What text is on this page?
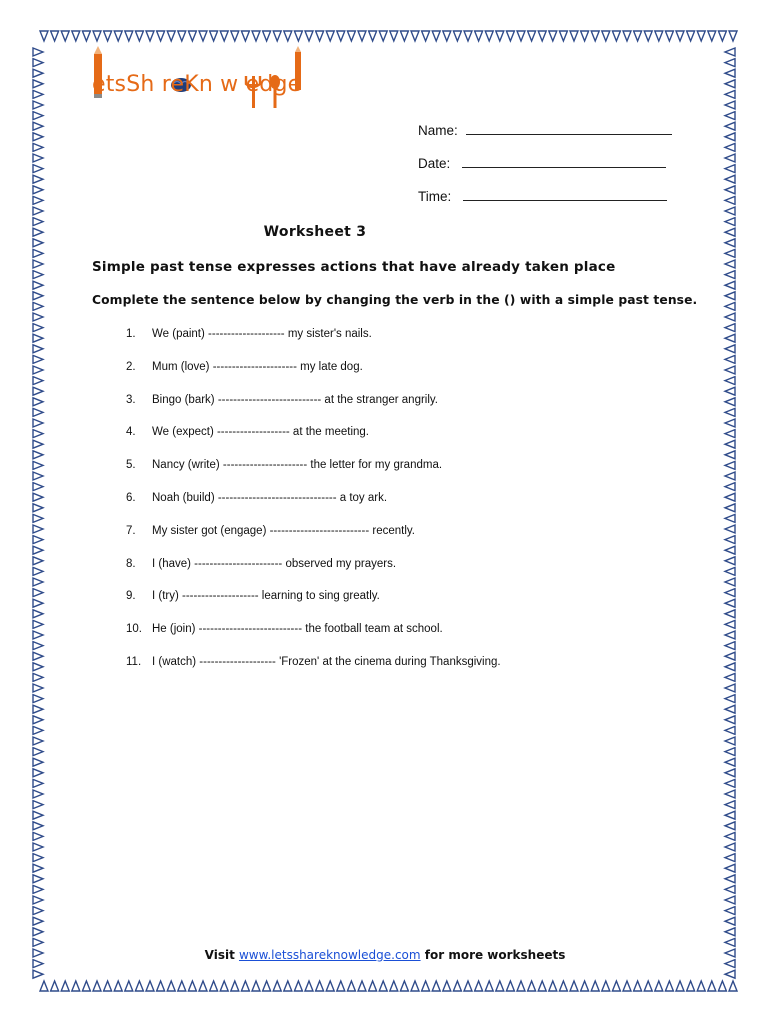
etsSh reKn w edge
Name:
Date:
Time:
Worksheet 3
Simple past tense expresses actions that have already taken place
Complete the sentence below by changing the verb in the () with a simple past tense.
1. We (paint) -------------------- my sister's nails.
2. Mum (love) ---------------------- my late dog.
3. Bingo (bark) --------------------------- at the stranger angrily.
4. We (expect) ------------------- at the meeting.
5. Nancy (write) ---------------------- the letter for my grandma.
6. Noah (build) ------------------------------- a toy ark.
7. My sister got (engage) -------------------------- recently.
8. I (have) ----------------------- observed my prayers.
9. I (try) -------------------- learning to sing greatly.
10. He (join) --------------------------- the football team at school.
11. I (watch) -------------------- 'Frozen' at the cinema during Thanksgiving.
Visit www.letsshareknowledge.com for more worksheets
